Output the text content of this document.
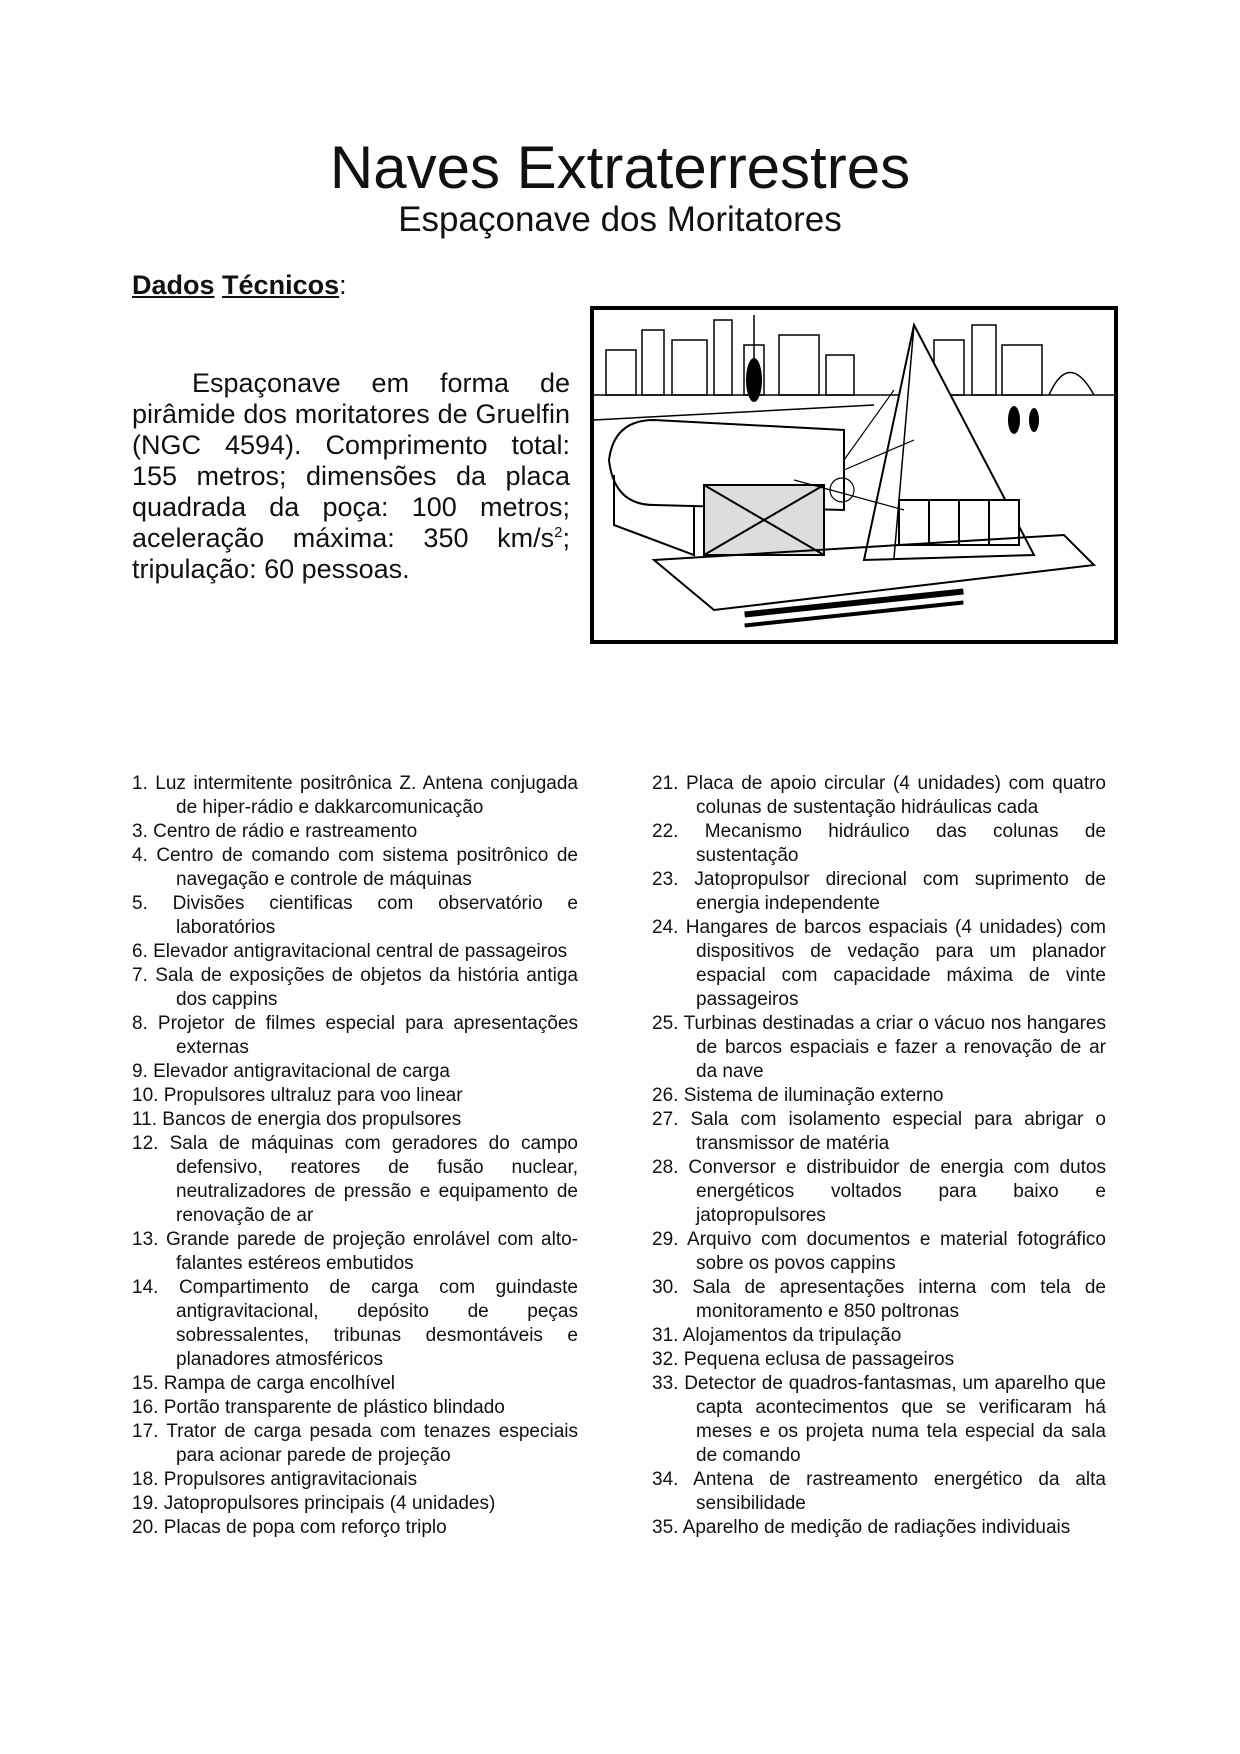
Naves Extraterrestres
Espaçonave dos Moritatores
Dados Técnicos:

Espaçonave em forma de pirâmide dos moritatores de Gruelfin (NGC 4594). Comprimento total: 155 metros; dimensões da placa quadrada da poça: 100 metros; aceleração máxima: 350 $km/s^2$; tripulação: 60 pessoas.

1. Luz intermitente positrônica Z. Antena conjugada de hiper-rádio e dakkarcomunicação
3. Centro de rádio e rastreamento
4. Centro de comando com sistema positrônico de navegação e controle de máquinas
5. Divisões cientificas com observatório e laboratórios
6. Elevador antigravitacional central de passageiros
7. Sala de exposições de objetos da história antiga dos cappins
8. Projetor de filmes especial para apresentações externas
9. Elevador antigravitacional de carga
10. Propulsores ultraluz para voo linear
11. Bancos de energia dos propulsores
12. Sala de máquinas com geradores do campo defensivo, reatores de fusão nuclear, neutralizadores de pressão e equipamento de renovação de ar
13. Grande parede de projeção enrolável com alto-falantes estéreos embutidos
14. Compartimento de carga com guindaste antigravitacional, depósito de peças sobressalentes, tribunas desmontáveis e planadores atmosféricos
15. Rampa de carga encolhível
16. Portão transparente de plástico blindado
17. Trator de carga pesada com tenazes especiais para acionar parede de projeção
18. Propulsores antigravitacionais
19. Jatopropulsores principais (4 unidades)
20. Placas de popa com reforço triplo
21. Placa de apoio circular (4 unidades) com quatro colunas de sustentação hidráulicas cada
22. Mecanismo hidráulico das colunas de sustentação
23. Jatopropulsor direcional com suprimento de energia independente
24. Hangares de barcos espaciais (4 unidades) com dispositivos de vedação para um planador espacial com capacidade máxima de vinte passageiros
25. Turbinas destinadas a criar o vácuo nos hangares de barcos espaciais e fazer a renovação de ar da nave
26. Sistema de iluminação externo
27. Sala com isolamento especial para abrigar o transmissor de matéria
28. Conversor e distribuidor de energia com dutos energéticos voltados para baixo e jatopropulsores
29. Arquivo com documentos e material fotográfico sobre os povos cappins
30. Sala de apresentações interna com tela de monitoramento e 850 poltronas
31. Alojamentos da tripulação
32. Pequena eclusa de passageiros
33. Detector de quadros-fantasmas, um aparelho que capta acontecimentos que se verificaram há meses e os projeta numa tela especial da sala de comando
34. Antena de rastreamento energético da alta sensibilidade
35. Aparelho de medição de radiações individuais
